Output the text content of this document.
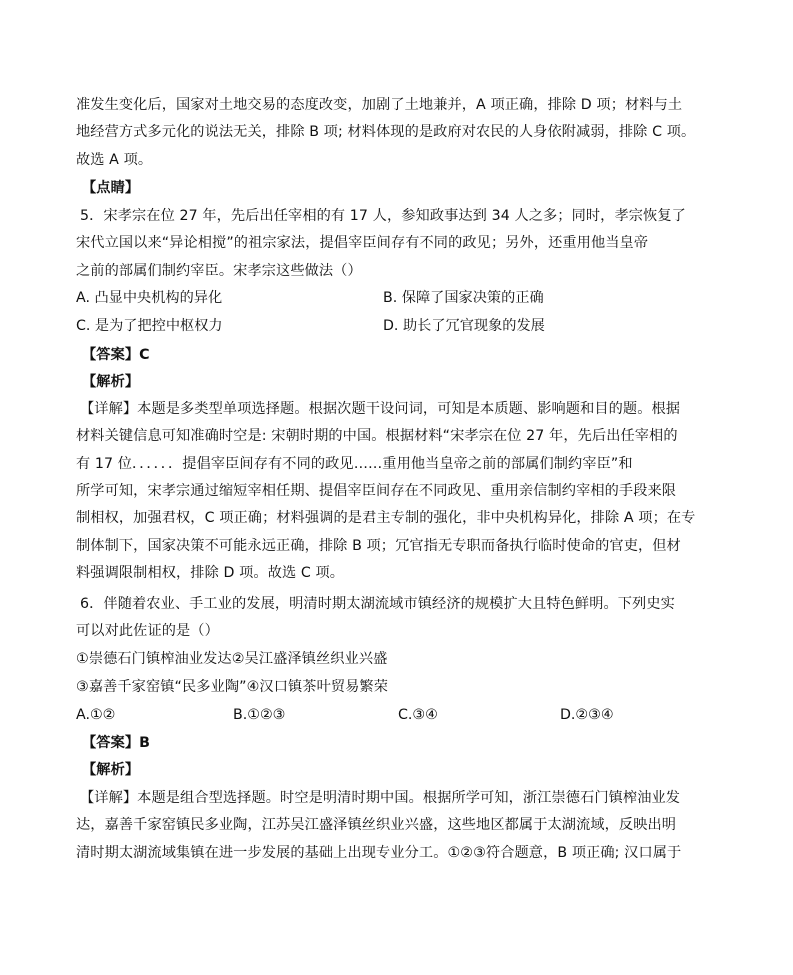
准发生变化后，国家对土地交易的态度改变，加剧了土地兼并，A 项正确，排除 D 项；材料与土
地经营方式多元化的说法无关，排除 B 项; 材料体现的是政府对农民的人身依附减弱，排除 C 项。
故选 A 项。
【点睛】
5．宋孝宗在位 27 年，先后出任宰相的有 17 人，参知政事达到 34 人之多；同时，孝宗恢复了
宋代立国以来“异论相搅”的祖宗家法，提倡宰臣间存有不同的政见；另外，还重用他当皇帝
之前的部属们制约宰臣。宋孝宗这些做法（）
A. 凸显中央机构的异化	B. 保障了国家决策的正确
C. 是为了把控中枢权力	D. 助长了冗官现象的发展
【答案】C
【解析】
【详解】本题是多类型单项选择题。根据次题干设问词，可知是本质题、影响题和目的题。根据
材料关键信息可知准确时空是: 宋朝时期的中国。根据材料“宋孝宗在位 27 年，先后出任宰相的
有 17 位．．．．．．提倡宰臣间存有不同的政见……重用他当皇帝之前的部属们制约宰臣”和
所学可知，宋孝宗通过缩短宰相任期、提倡宰臣间存在不同政见、重用亲信制约宰相的手段来限
制相权，加强君权，C 项正确；材料强调的是君主专制的强化，非中央机构异化，排除 A 项；在专
制体制下，国家决策不可能永远正确，排除 B 项；冗官指无专职而备执行临时使命的官吏，但材
料强调限制相权，排除 D 项。故选 C 项。
6．伴随着农业、手工业的发展，明清时期太湖流域市镇经济的规模扩大且特色鲜明。下列史实
可以对此佐证的是（）
①崇德石门镇榨油业发达②吴江盛泽镇丝织业兴盛
③嘉善千家窑镇“民多业陶”④汉口镇茶叶贸易繁荣
A.①②	B.①②③	C.③④	D.②③④
【答案】B
【解析】
【详解】本题是组合型选择题。时空是明清时期中国。根据所学可知，浙江崇德石门镇榨油业发
达，嘉善千家窑镇民多业陶，江苏吴江盛泽镇丝织业兴盛，这些地区都属于太湖流域，反映出明
清时期太湖流域集镇在进一步发展的基础上出现专业分工。①②③符合题意，B 项正确; 汉口属于
